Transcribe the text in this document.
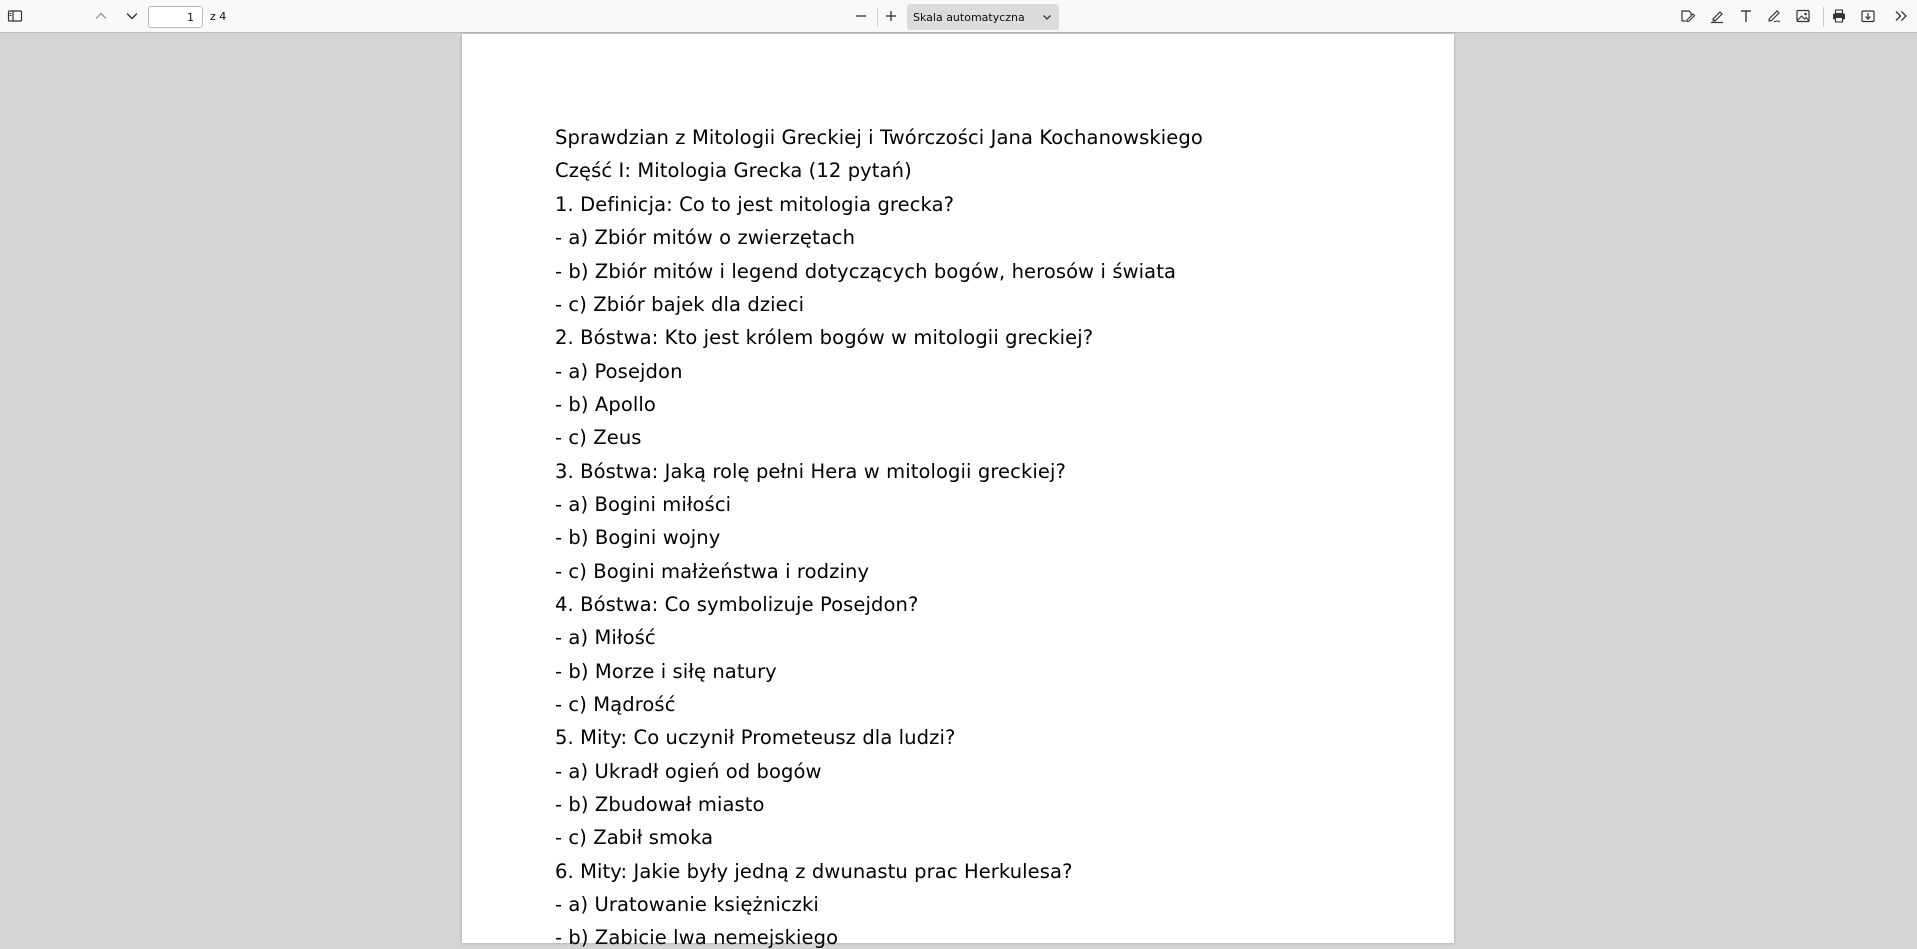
1
z 4	Skala automatyczna
Sprawdzian z Mitologii Greckiej i Twórczości Jana Kochanowskiego
Część I: Mitologia Grecka (12 pytań)
1. Definicja: Co to jest mitologia grecka?
- a) Zbiór mitów o zwierzętach
- b) Zbiór mitów i legend dotyczących bogów, herosów i świata
- c) Zbiór bajek dla dzieci
2. Bóstwa: Kto jest królem bogów w mitologii greckiej?
- a) Posejdon
- b) Apollo
- c) Zeus
3. Bóstwa: Jaką rolę pełni Hera w mitologii greckiej?
- a) Bogini miłości
- b) Bogini wojny
- c) Bogini małżeństwa i rodziny
4. Bóstwa: Co symbolizuje Posejdon?
- a) Miłość
- b) Morze i siłę natury
- c) Mądrość
5. Mity: Co uczynił Prometeusz dla ludzi?
- a) Ukradł ogień od bogów
- b) Zbudował miasto
- c) Zabił smoka
6. Mity: Jakie były jedną z dwunastu prac Herkulesa?
- a) Uratowanie księżniczki
- b) Zabicie lwa nemejskiego
